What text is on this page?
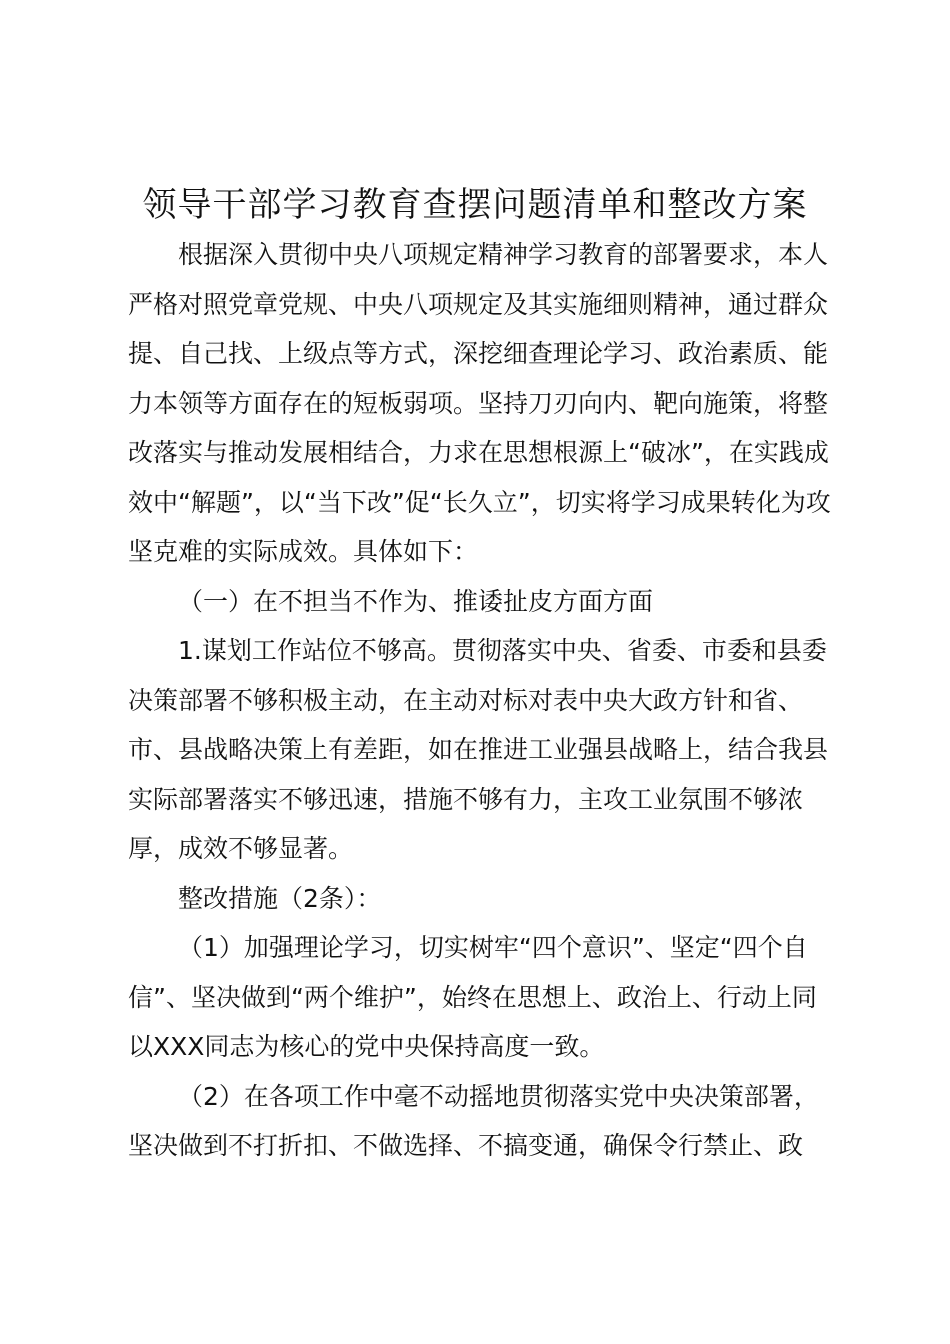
领导干部学习教育查摆问题清单和整改方案

根据深入贯彻中央八项规定精神学习教育的部署要求，本人严格对照党章党规、中央八项规定及其实施细则精神，通过群众提、自己找、上级点等方式，深挖细查理论学习、政治素质、能力本领等方面存在的短板弱项。坚持刀刃向内、靶向施策，将整改落实与推动发展相结合，力求在思想根源上“破冰”，在实践成效中“解题”，以“当下改”促“长久立”，切实将学习成果转化为攻坚克难的实际成效。具体如下：

（一）在不担当不作为、推诿扯皮方面方面

1.谋划工作站位不够高。贯彻落实中央、省委、市委和县委决策部署不够积极主动，在主动对标对表中央大政方针和省、市、县战略决策上有差距，如在推进工业强县战略上，结合我县实际部署落实不够迅速，措施不够有力，主攻工业氛围不够浓厚，成效不够显著。

整改措施（2条）：

（1）加强理论学习，切实树牢“四个意识”、坚定“四个自信”、坚决做到“两个维护”，始终在思想上、政治上、行动上同以XXX同志为核心的党中央保持高度一致。

（2）在各项工作中毫不动摇地贯彻落实党中央决策部署，坚决做到不打折扣、不做选择、不搞变通，确保令行禁止、政
